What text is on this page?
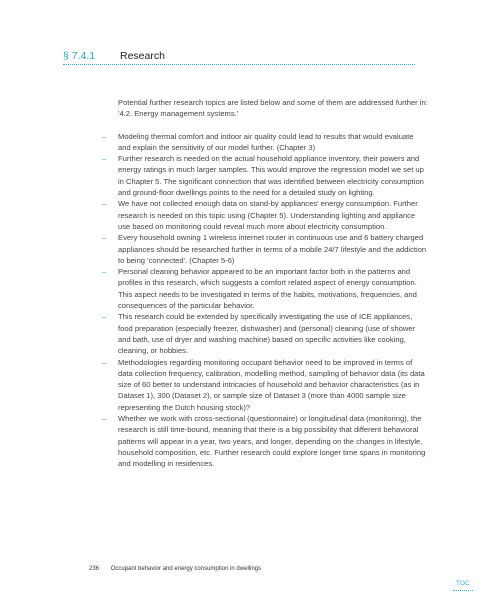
§ 7.4.1 Research

Potential further research topics are listed below and some of them are addressed further in: '4.2. Energy management systems.'

– Modeling thermal comfort and indoor air quality could lead to results that would evaluate and explain the sensitivity of our model further. (Chapter 3)
– Further research is needed on the actual household appliance inventory, their powers and energy ratings in much larger samples. This would improve the regression model we set up in Chapter 5. The significant connection that was identified between electricity consumption and ground-floor dwellings points to the need for a detailed study on lighting.
– We have not collected enough data on stand-by appliances' energy consumption. Further research is needed on this topic using (Chapter 5). Understanding lighting and appliance use based on monitoring could reveal much more about electricity consumption.
– Every household owning 1 wireless internet router in continuous use and 6 battery charged appliances should be researched further in terms of a mobile 24/7 lifestyle and the addiction to being 'connected'. (Chapter 5-6)
– Personal cleaning behavior appeared to be an important factor both in the patterns and profiles in this research, which suggests a comfort related aspect of energy consumption. This aspect needs to be investigated in terms of the habits, motivations, frequencies, and consequences of the particular behavior.
– This research could be extended by specifically investigating the use of ICE appliances, food preparation (especially freezer, dishwasher) and (personal) cleaning (use of shower and bath, use of dryer and washing machine) based on specific activities like cooking, cleaning, or hobbies.
– Methodologies regarding monitoring occupant behavior need to be improved in terms of data collection frequency, calibration, modelling method, sampling of behavior data (its data size of 60 better to understand intricacies of household and behavior characteristics (as in Dataset 1), 300 (Dataset 2), or sample size of Dataset 3 (more than 4000 sample size representing the Dutch housing stock)?
– Whether we work with cross-sectional (questionnaire) or longitudinal data (monitoring), the research is still time-bound, meaning that there is a big possibility that different behavioral patterns will appear in a year, two years, and longer, depending on the changes in lifestyle, household composition, etc. Further research could explore longer time spans in monitoring and modelling in residences.
236 Occupant behavior and energy consumption in dwellings
TOC
